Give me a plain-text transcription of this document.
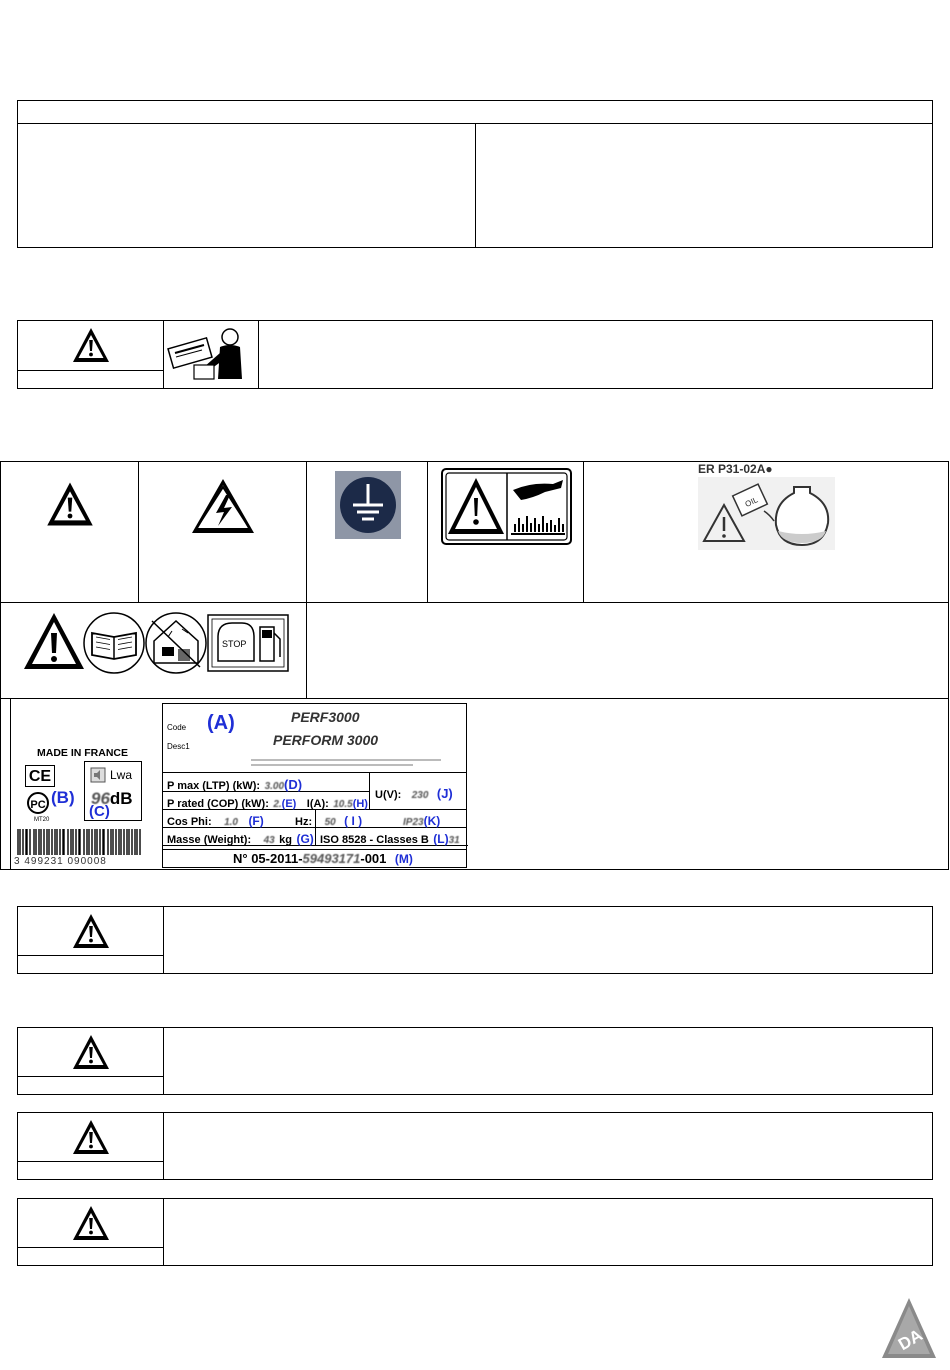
ER P31-02A●
OIL
STOP
MADE IN FRANCE
CE
PC (B)
MT20
Lwa
96dB
(C)
3 499231 090008
Code (A)	PERF3000
Desc1	PERFORM 3000
P max (LTP) (kW): 3.00(D)
P rated (COP) (kW): 2.(E) I(A): 10.5(H)
U(V): 230 (J)
Cos Phi: 1.0 (F)	Hz: 50 ( I )	IP23(K)
Masse (Weight): 43 kg (G) ISO 8528 - Classes B (L)31
N° 05-2011-59493171-001 (M)
DA
